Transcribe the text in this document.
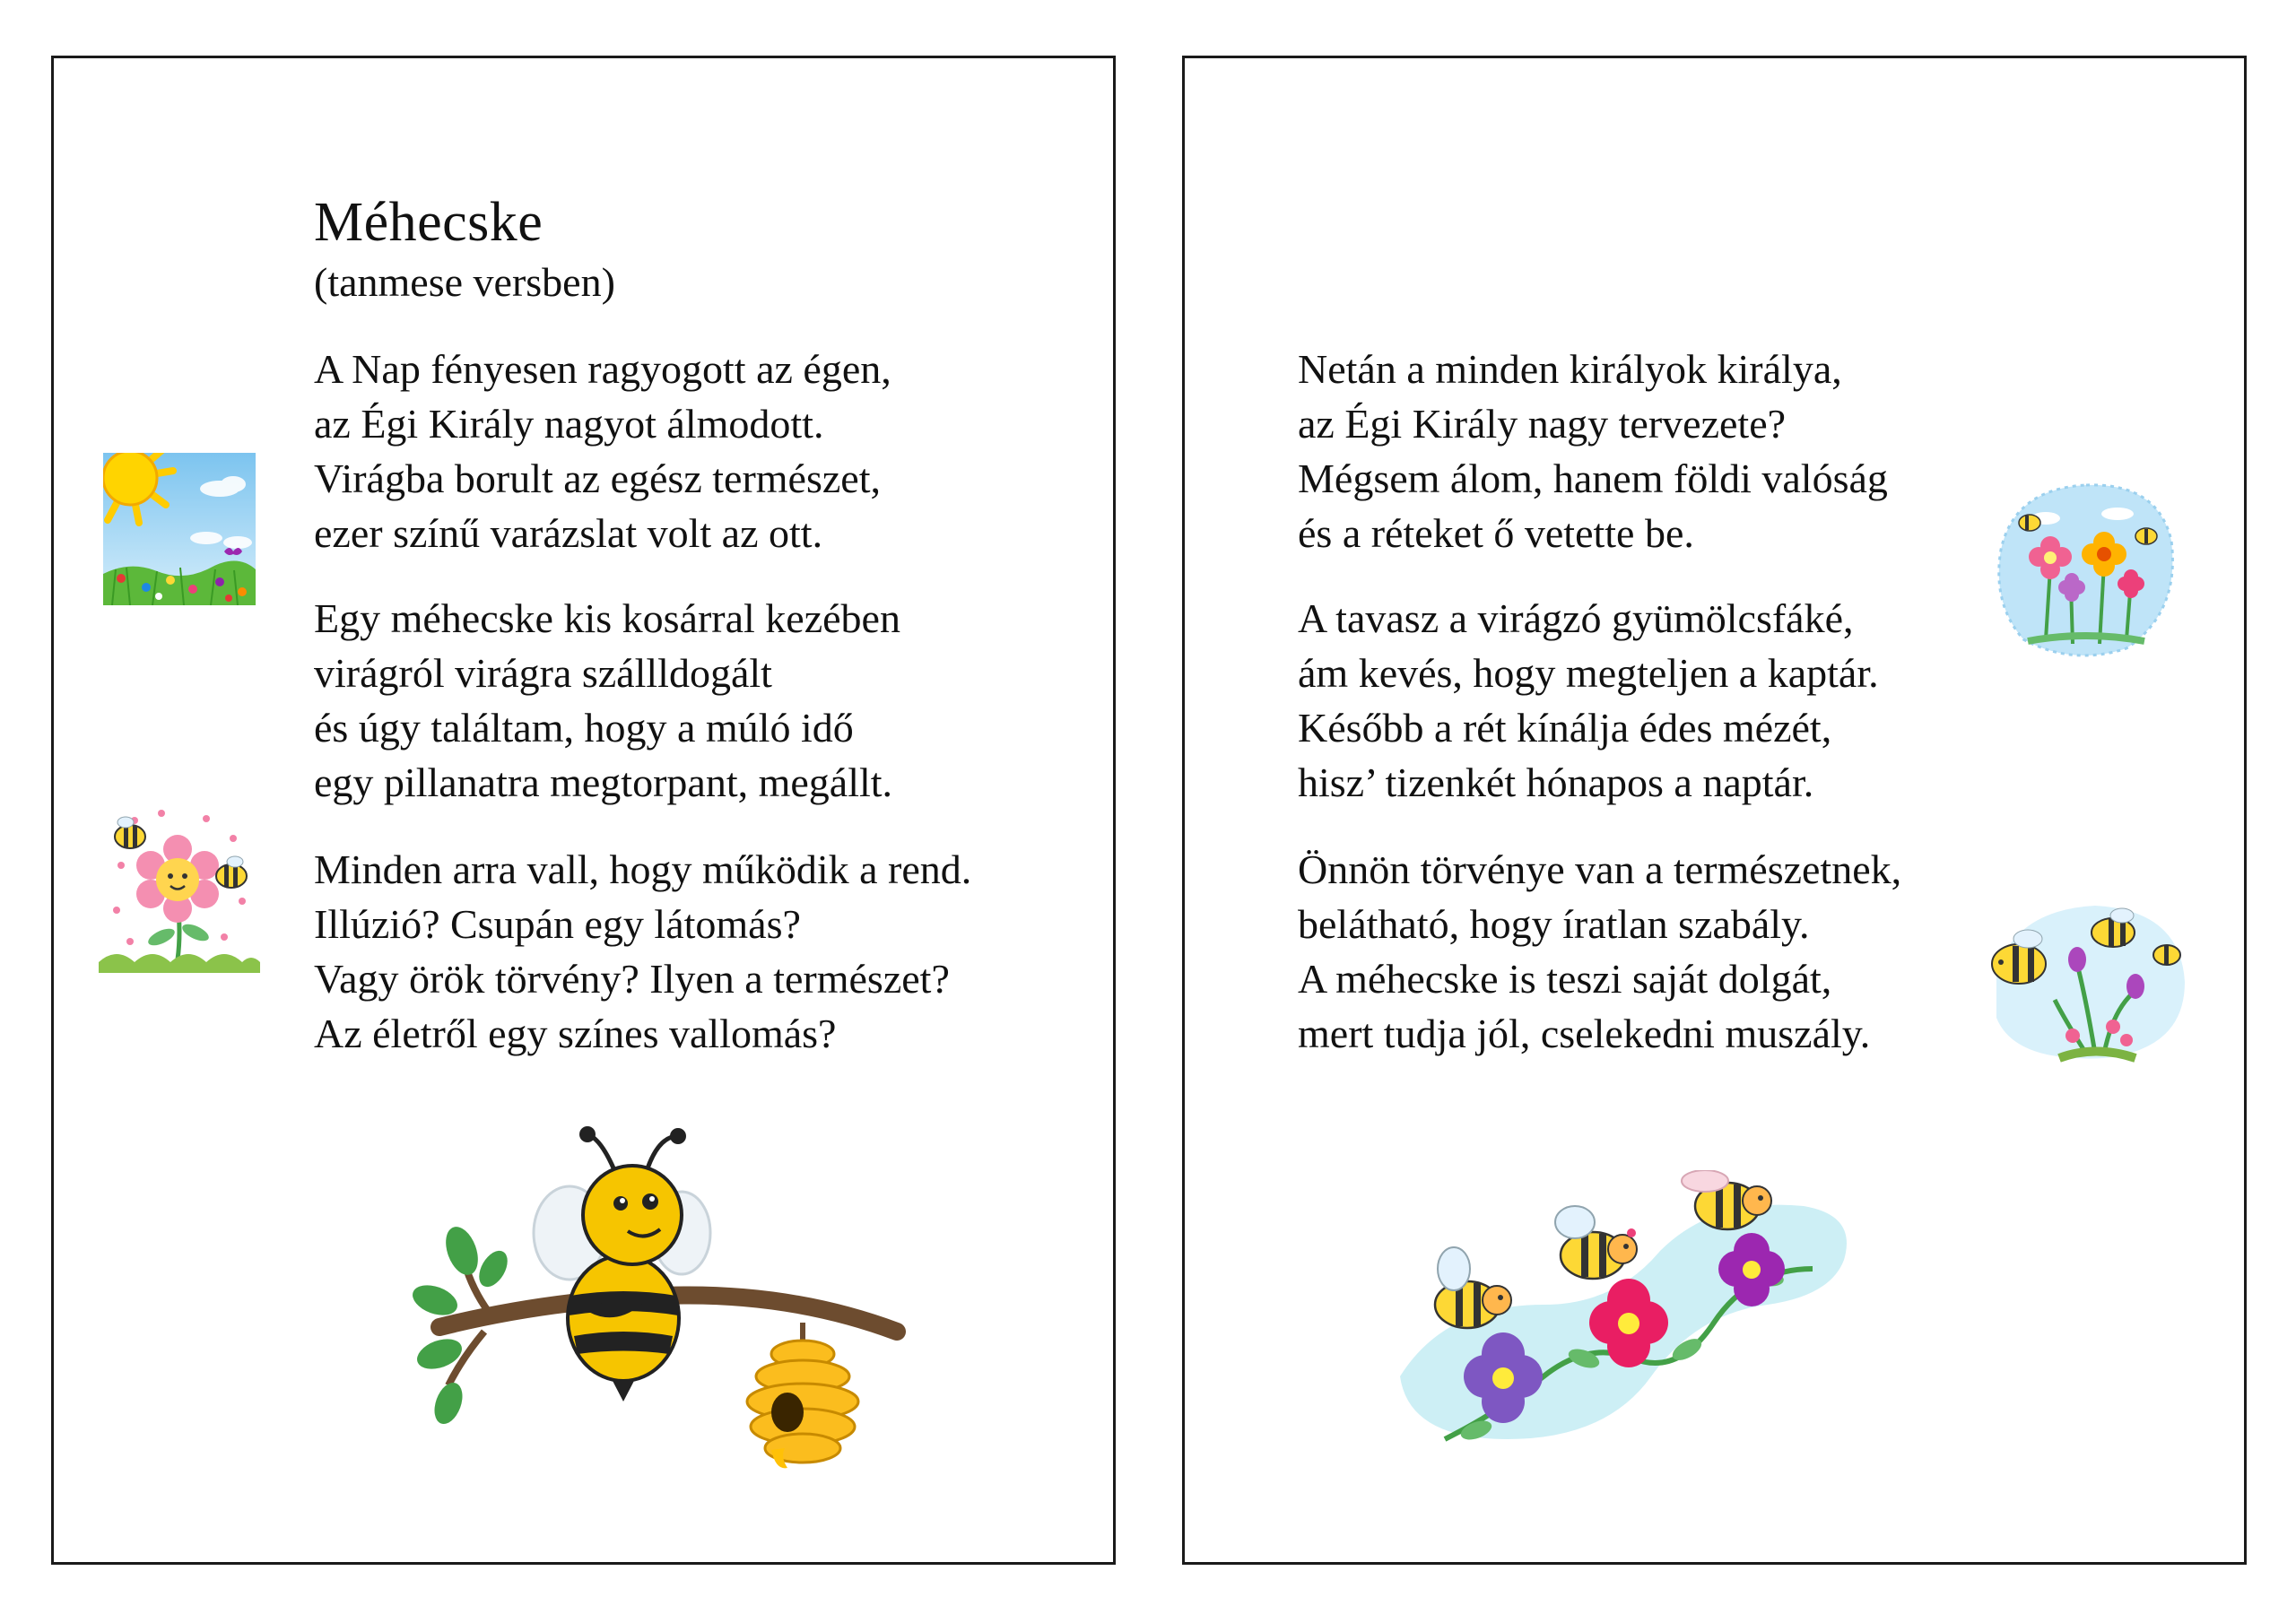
Méhecske
(tanmese versben)
A Nap fényesen ragyogott az égen,
az Égi Király nagyot álmodott.
Virágba borult az egész természet,
ezer színű varázslat volt az ott.
Egy méhecske kis kosárral kezében
virágról virágra szállldogált
és úgy találtam, hogy a múló idő
egy pillanatra megtorpant, megállt.
Minden arra vall, hogy működik a rend.
Illúzió? Csupán egy látomás?
Vagy örök törvény? Ilyen a természet?
Az életről egy színes vallomás?
Netán a minden királyok királya,
az Égi Király nagy tervezete?
Mégsem álom, hanem földi valóság
és a réteket ő vetette be.
A tavasz a virágzó gyümölcsfáké,
ám kevés, hogy megteljen a kaptár.
Később a rét kínálja édes mézét,
hisz’ tizenkét hónapos a naptár.
Önnön törvénye van a természetnek,
belátható, hogy íratlan szabály.
A méhecske is teszi saját dolgát,
mert tudja jól, cselekedni muszály.
